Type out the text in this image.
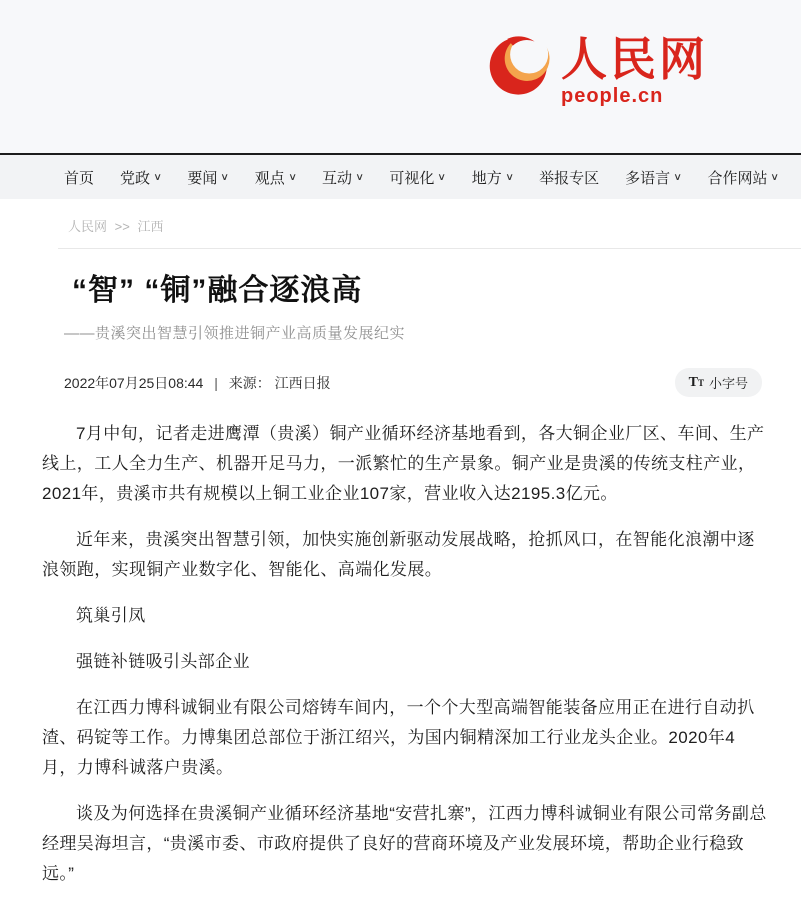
人民网
people.cn
首页 党政 ∨ 要闻 ∨ 观点 ∨ 互动 ∨ 可视化 ∨ 地方 ∨ 举报专区 多语言 ∨ 合作网站 ∨
人民网 >> 江西
“智” “铜”融合逐浪高
——贵溪突出智慧引领推进铜产业高质量发展纪实
2022年07月25日08:44 | 来源： 江西日报	TT 小字号

7月中旬，记者走进鹰潭（贵溪）铜产业循环经济基地看到，各大铜企业厂区、车间、生产线上，工人全力生产、机器开足马力，一派繁忙的生产景象。铜产业是贵溪的传统支柱产业，2021年，贵溪市共有规模以上铜工业企业107家，营业收入达2195.3亿元。

近年来，贵溪突出智慧引领，加快实施创新驱动发展战略，抢抓风口，在智能化浪潮中逐浪领跑，实现铜产业数字化、智能化、高端化发展。

筑巢引凤

强链补链吸引头部企业

在江西力博科诚铜业有限公司熔铸车间内，一个个大型高端智能装备应用正在进行自动扒渣、码锭等工作。力博集团总部位于浙江绍兴，为国内铜精深加工行业龙头企业。2020年4月，力博科诚落户贵溪。

谈及为何选择在贵溪铜产业循环经济基地“安营扎寨”，江西力博科诚铜业有限公司常务副总经理吴海坦言，“贵溪市委、市政府提供了良好的营商环境及产业发展环境，帮助企业行稳致远。”
